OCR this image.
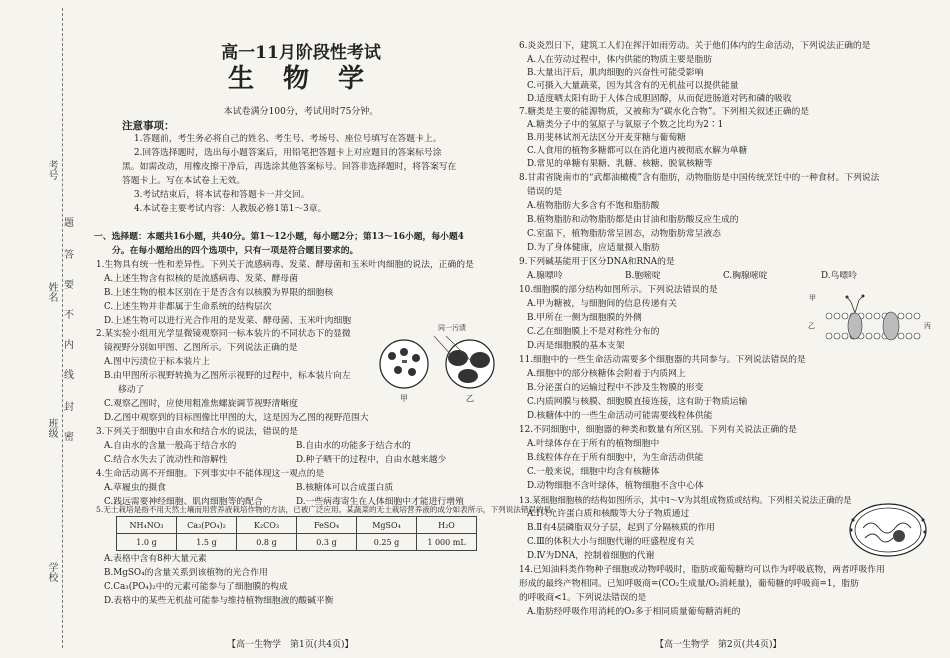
考号
姓名
班级
学校
题
答
要
不
内
线
封
密
高一11月阶段性考试
生 物 学
本试卷满分100分，考试用时75分钟。
注意事项：
1.答题前，考生务必将自己的姓名、考生号、考场号、座位号填写在答题卡上。
2.回答选择题时，选出每小题答案后，用铅笔把答题卡上对应题目的答案标号涂
黑。如需改动，用橡皮擦干净后，再选涂其他答案标号。回答非选择题时，将答案写在
答题卡上。写在本试卷上无效。
3.考试结束后，将本试卷和答题卡一并交回。
4.本试卷主要考试内容：人教版必修1第1～3章。
一、选择题：本题共16小题，共40分。第1～12小题，每小题2分；第13～16小题，每小题4
分。在每小题给出的四个选项中，只有一项是符合题目要求的。
1.生物具有统一性和差异性。下列关于流感病毒、发菜、酵母菌和玉米叶肉细胞的说法，正确的是
A.上述生物含有拟核的是流感病毒、发菜、酵母菌
B.上述生物的根本区别在于是否含有以核膜为界限的细胞核
C.上述生物并非都属于生命系统的结构层次
D.上述生物可以进行光合作用的是发菜、酵母菌、玉米叶肉细胞
2.某实验小组用光学显微镜观察同一标本装片的不同状态下的显微
镜视野分别如甲图、乙图所示。下列说法正确的是
A.图中污渍位于标本装片上
B.由甲图所示视野转换为乙图所示视野的过程中，标本装片向左
移动了
C.观察乙图时，应使用粗准焦螺旋调节视野清晰度
D.乙图中观察到的目标图像比甲图的大，这是因为乙图的视野范围大
同一污渍
甲	乙
3.下列关于细胞中自由水和结合水的说法，错误的是
A.自由水的含量一般高于结合水的	B.自由水的功能多于结合水的
C.结合水失去了流动性和溶解性	D.种子晒干的过程中，自由水越来越少
4.生命活动离不开细胞。下列事实中不能体现这一观点的是
A.草履虫的摄食	B.核糖体可以合成蛋白质
C.践远需要神经细胞、肌肉细胞等的配合	D.一些病毒寄生在人体细胞中才能进行增殖
5.无土栽培是指不用天然土壤而用营养液栽培作物的方法，已被广泛应用。某蔬菜的无土栽培营养液的成分如表所示，下列说法错误的是
NH₄NO₃	Ca₃(PO₄)₂	K₂CO₃	FeSO₄	MgSO₄	H₂O
1.0 g	1.5 g	0.8 g	0.3 g	0.25 g	1 000 mL
A.表格中含有8种大量元素
B.MgSO₄的含量关系到该植物的光合作用
C.Ca₃(PO₄)₂中的元素可能参与了细胞膜的构成
D.表格中的某些无机盐可能参与维持植物细胞液的酸碱平衡
【高一生物学　第1页(共4页)】
6.炎炎烈日下，建筑工人们在挥汗如雨劳动。关于他们体内的生命活动，下列说法正确的是
A.人在劳动过程中，体内供能的物质主要是脂肪
B.大量出汗后，肌肉细胞的兴奋性可能受影响
C.可摄入大量蔬菜，因为其含有的无机盐可以提供能量
D.适度晒太阳有助于人体合成胆固醇，从而促进肠道对钙和磷的吸收
7.糖类是主要的能源物质，又被称为“碳水化合物”。下列相关叙述正确的是
A.糖类分子中的氢原子与氧原子个数之比均为2∶1
B.用斐林试剂无法区分开麦芽糖与葡萄糖
C.人食用的植物多糖都可以在消化道内被彻底水解为单糖
D.常见的单糖有果糖、乳糖、核糖、脱氧核糖等
8.甘肃省陇南市的“武都油橄榄”含有脂肪，动物脂肪是中国传统烹饪中的一种食材。下列说法
错误的是
A.植物脂肪大多含有不饱和脂肪酸
B.植物脂肪和动物脂肪都是由甘油和脂肪酸反应生成的
C.室温下，植物脂肪常呈固态，动物脂肪常呈液态
D.为了身体健康，应适量摄入脂肪
9.下列碱基能用于区分DNA和RNA的是
A.腺嘌呤	B.胞嘧啶	C.胸腺嘧啶	D.鸟嘌呤
10.细胞膜的部分结构如图所示。下列说法错误的是
A.甲为糖被，与细胞间的信息传递有关
B.甲所在一侧为细胞膜的外侧
C.乙在细胞膜上不是对称性分布的
D.丙是细胞膜的基本支架
甲
乙	丙
11.细胞中的一些生命活动需要多个细胞器的共同参与。下列说法错误的是
A.细胞中的部分核糖体会附着于内质网上
B.分泌蛋白的运输过程中不涉及生物膜的形变
C.内质网膜与核膜、细胞膜直接连接，这有助于物质运输
D.核糖体中的一些生命活动可能需要线粒体供能
12.不同细胞中，细胞器的种类和数量有所区别。下列有关说法正确的是
A.叶绿体存在于所有的植物细胞中
B.线粒体存在于所有细胞中，为生命活动供能
C.一般来说，细胞中均含有核糖体
D.动物细胞不含叶绿体，植物细胞不含中心体
13.某细胞细胞核的结构如图所示，其中Ⅰ～Ⅴ为其组成物质或结构。下列相关说法正确的是
A.Ⅰ只允许蛋白质和核酸等大分子物质通过
B.Ⅱ有4层磷脂双分子层，起到了分隔核质的作用
C.Ⅲ的体积大小与细胞代谢的旺盛程度有关
D.Ⅳ为DNA，控制着细胞的代谢
14.已知油料类作物种子细胞或动物呼吸时，脂肪或葡萄糖均可以作为呼吸底物，两者呼吸作用
形成的最终产物相同。已知呼吸商=(CO₂生成量/O₂消耗量)，葡萄糖的呼吸商=1，脂肪
的呼吸商<1。下列说法错误的是
A.脂肪经呼吸作用消耗的O₂多于相同质量葡萄糖消耗的
【高一生物学　第2页(共4页)】
